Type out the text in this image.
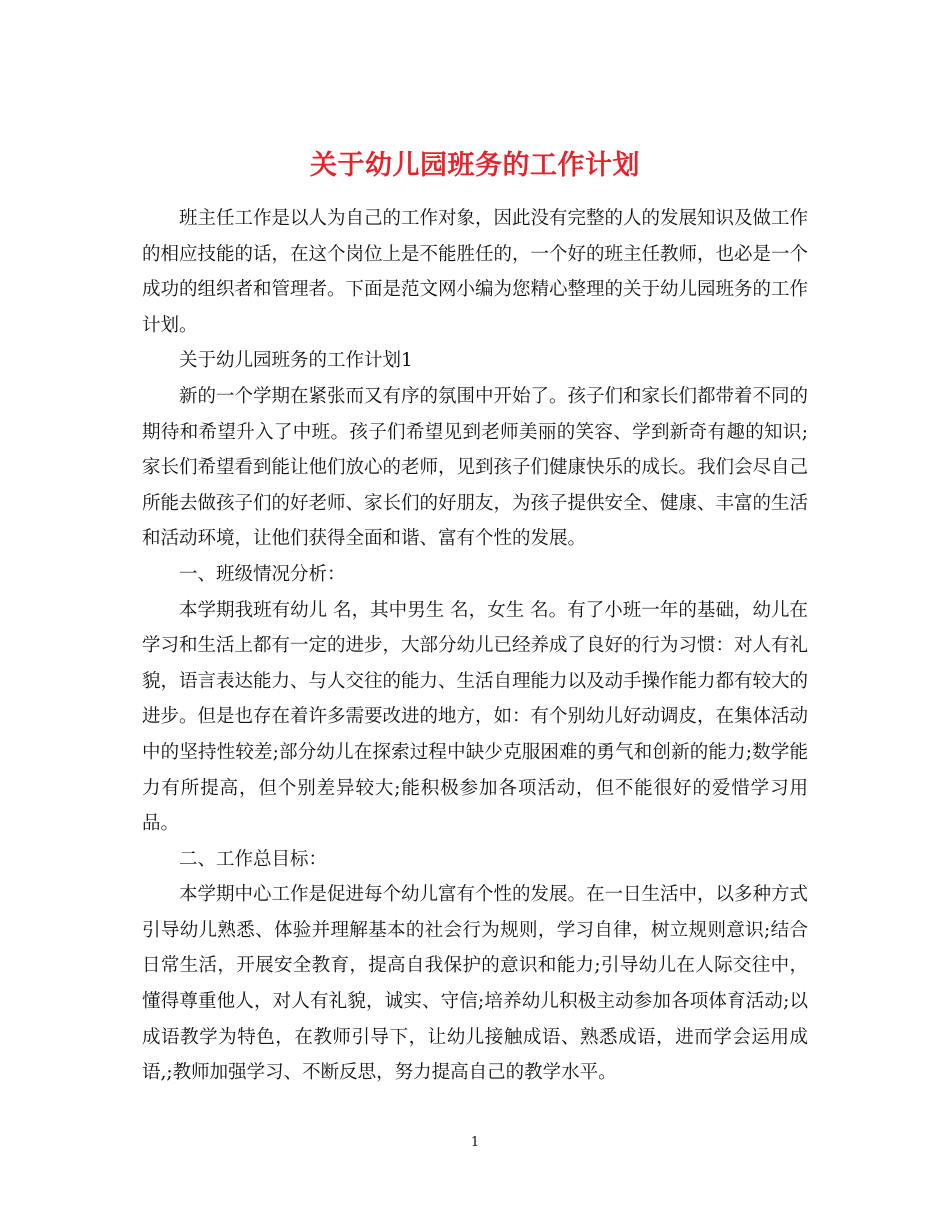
关于幼儿园班务的工作计划

班主任工作是以人为自己的工作对象，因此没有完整的人的发展知识及做工作的相应技能的话，在这个岗位上是不能胜任的，一个好的班主任教师，也必是一个成功的组织者和管理者。下面是范文网小编为您精心整理的关于幼儿园班务的工作计划。

关于幼儿园班务的工作计划1

新的一个学期在紧张而又有序的氛围中开始了。孩子们和家长们都带着不同的期待和希望升入了中班。孩子们希望见到老师美丽的笑容、学到新奇有趣的知识;家长们希望看到能让他们放心的老师，见到孩子们健康快乐的成长。我们会尽自己所能去做孩子们的好老师、家长们的好朋友，为孩子提供安全、健康、丰富的生活和活动环境，让他们获得全面和谐、富有个性的发展。

一、班级情况分析：

本学期我班有幼儿 名，其中男生 名，女生 名。有了小班一年的基础，幼儿在学习和生活上都有一定的进步，大部分幼儿已经养成了良好的行为习惯：对人有礼貌，语言表达能力、与人交往的能力、生活自理能力以及动手操作能力都有较大的进步。但是也存在着许多需要改进的地方，如：有个别幼儿好动调皮，在集体活动中的坚持性较差;部分幼儿在探索过程中缺少克服困难的勇气和创新的能力;数学能力有所提高，但个别差异较大;能积极参加各项活动，但不能很好的爱惜学习用品。

二、工作总目标：

本学期中心工作是促进每个幼儿富有个性的发展。在一日生活中，以多种方式引导幼儿熟悉、体验并理解基本的社会行为规则，学习自律，树立规则意识;结合日常生活，开展安全教育，提高自我保护的意识和能力;引导幼儿在人际交往中，懂得尊重他人，对人有礼貌，诚实、守信;培养幼儿积极主动参加各项体育活动;以成语教学为特色，在教师引导下，让幼儿接触成语、熟悉成语，进而学会运用成语,;教师加强学习、不断反思，努力提高自己的教学水平。

1
